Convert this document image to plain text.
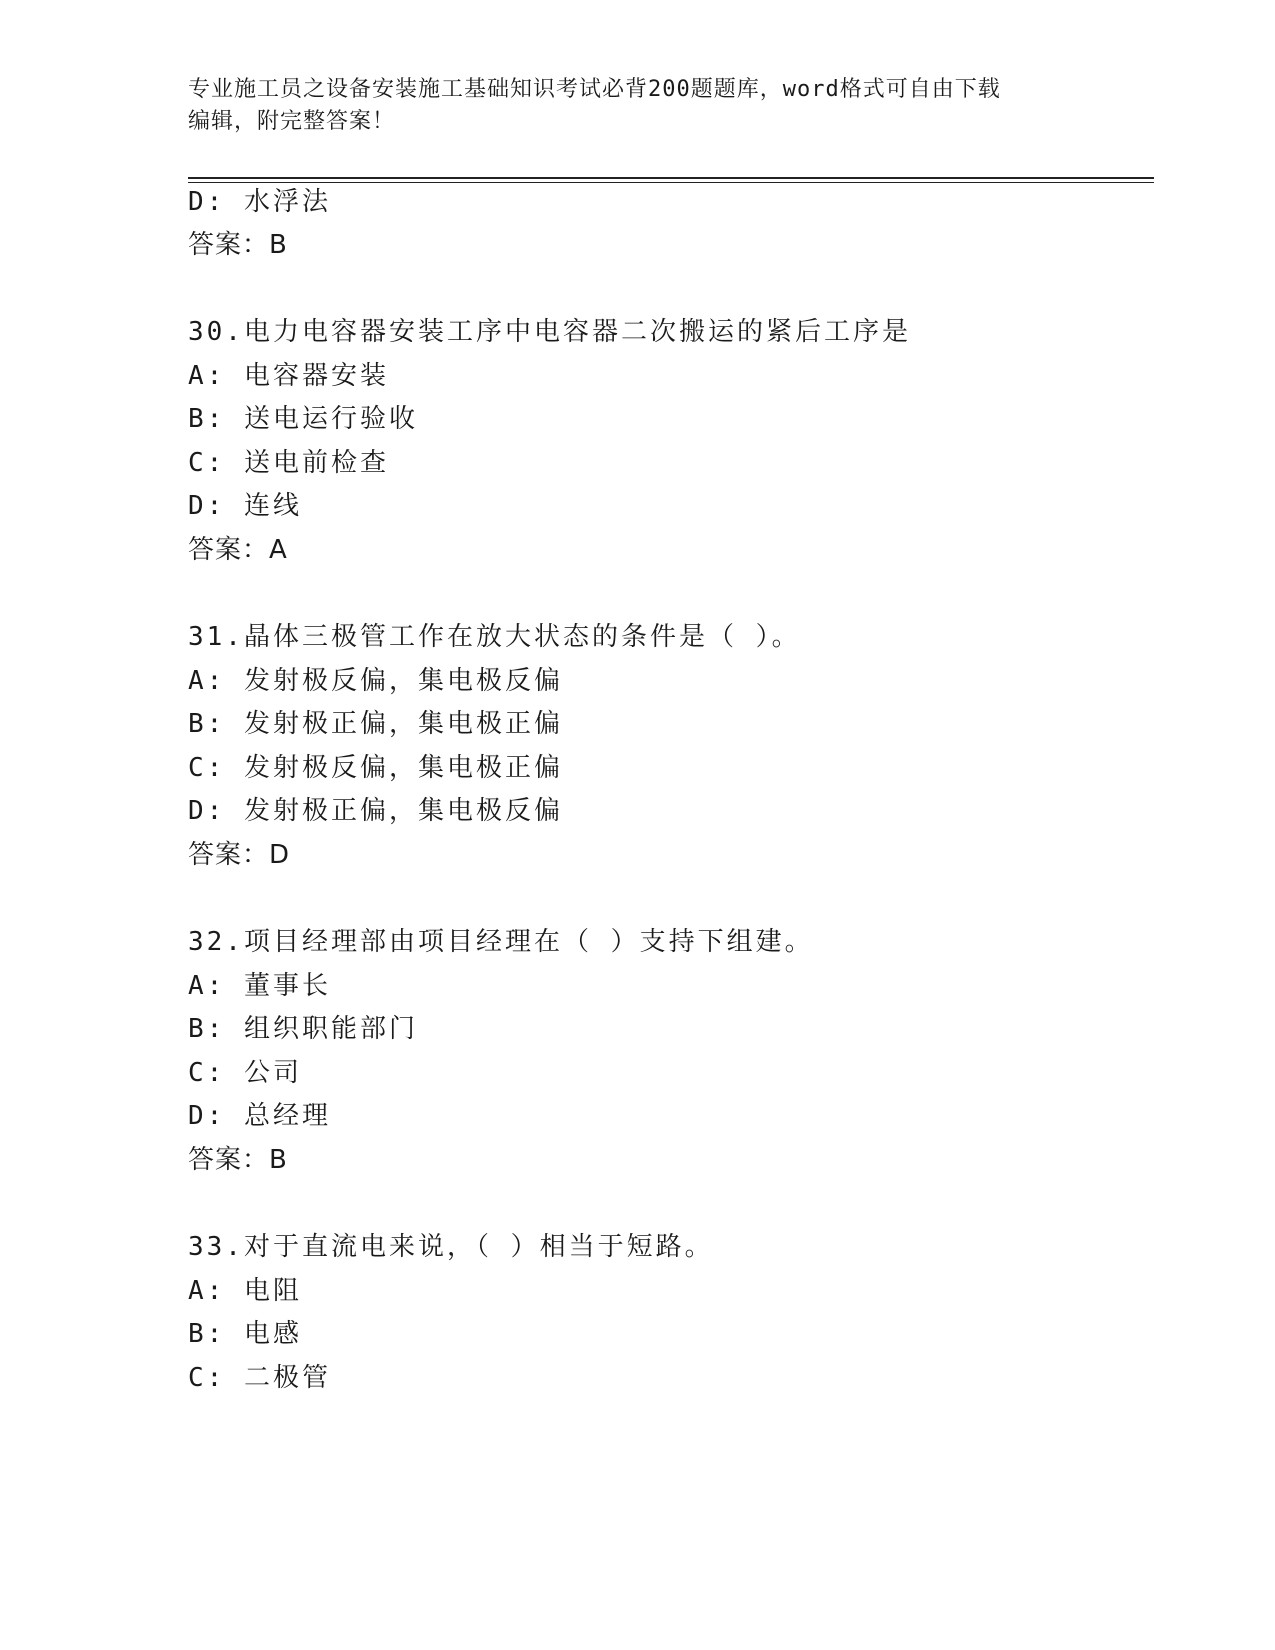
专业施工员之设备安装施工基础知识考试必背200题题库，word格式可自由下载
编辑，附完整答案！
D: 水浮法
答案：B
30.电力电容器安装工序中电容器二次搬运的紧后工序是
A: 电容器安装
B: 送电运行验收
C: 送电前检查
D: 连线
答案：A
31.晶体三极管工作在放大状态的条件是（ ）。
A: 发射极反偏，集电极反偏
B: 发射极正偏，集电极正偏
C: 发射极反偏，集电极正偏
D: 发射极正偏，集电极反偏
答案：D
32.项目经理部由项目经理在（ ）支持下组建。
A: 董事长
B: 组织职能部门
C: 公司
D: 总经理
答案：B
33.对于直流电来说，（ ）相当于短路。
A: 电阻
B: 电感
C: 二极管
